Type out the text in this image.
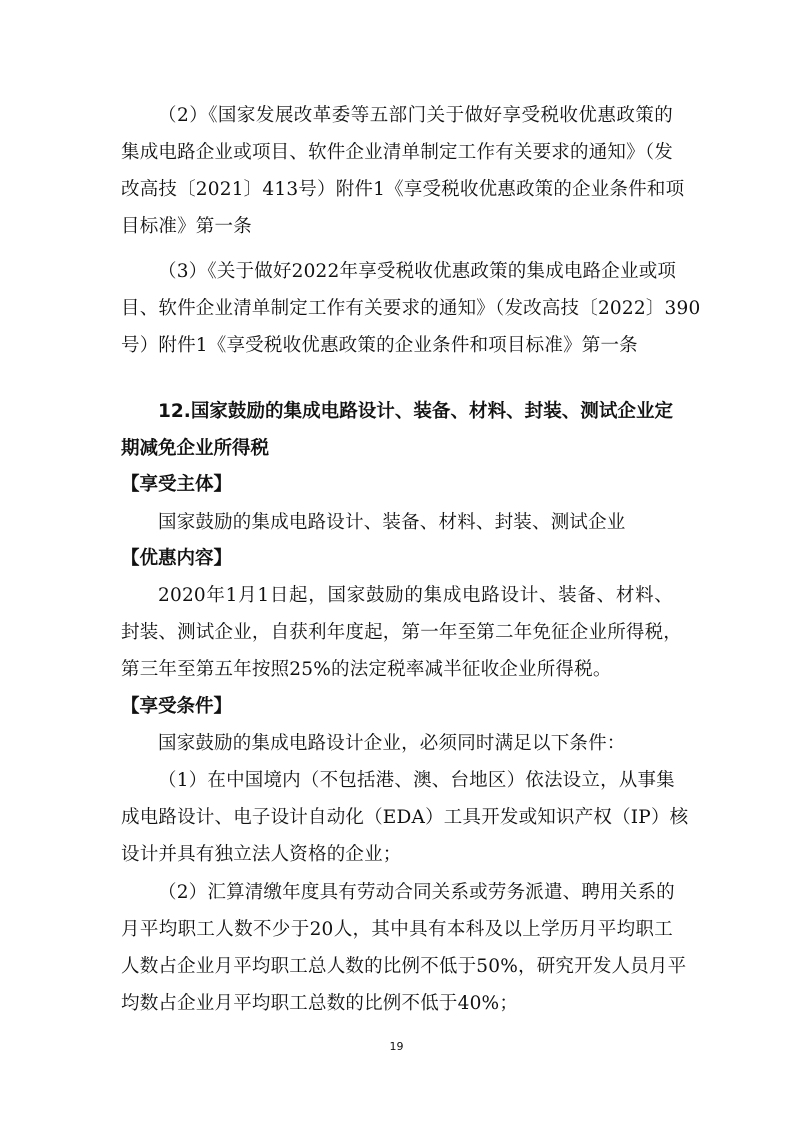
（2）《国家发展改革委等五部门关于做好享受税收优惠政策的
集成电路企业或项目、软件企业清单制定工作有关要求的通知》（发
改高技〔2021〕413号）附件1《享受税收优惠政策的企业条件和项
目标准》第一条

（3）《关于做好2022年享受税收优惠政策的集成电路企业或项
目、软件企业清单制定工作有关要求的通知》（发改高技〔2022〕390
号）附件1《享受税收优惠政策的企业条件和项目标准》第一条

12.国家鼓励的集成电路设计、装备、材料、封装、测试企业定
期减免企业所得税
【享受主体】

国家鼓励的集成电路设计、装备、材料、封装、测试企业

【优惠内容】

2020年1月1日起，国家鼓励的集成电路设计、装备、材料、
封装、测试企业，自获利年度起，第一年至第二年免征企业所得税，
第三年至第五年按照25%的法定税率减半征收企业所得税。

【享受条件】

国家鼓励的集成电路设计企业，必须同时满足以下条件：

（1）在中国境内（不包括港、澳、台地区）依法设立，从事集
成电路设计、电子设计自动化（EDA）工具开发或知识产权（IP）核
设计并具有独立法人资格的企业；

（2）汇算清缴年度具有劳动合同关系或劳务派遣、聘用关系的
月平均职工人数不少于20人，其中具有本科及以上学历月平均职工
人数占企业月平均职工总人数的比例不低于50%，研究开发人员月平
均数占企业月平均职工总数的比例不低于40%；

19
